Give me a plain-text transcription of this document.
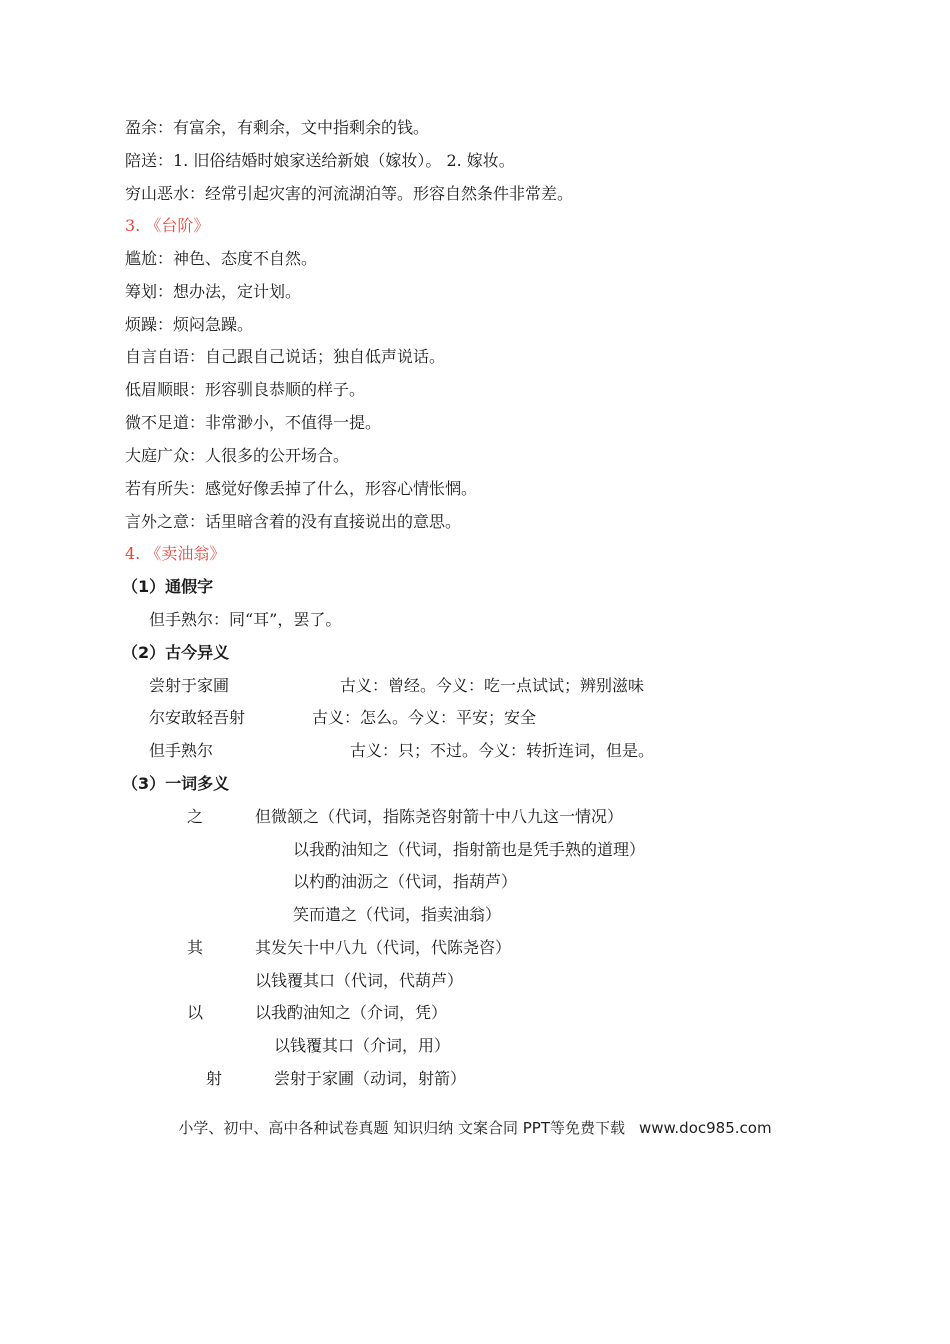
盈余：有富余，有剩余，文中指剩余的钱。
陪送：1. 旧俗结婚时娘家送给新娘（嫁妆）。 2. 嫁妆。
穷山恶水：经常引起灾害的河流湖泊等。形容自然条件非常差。
3. 《台阶》
尴尬：神色、态度不自然。
筹划：想办法，定计划。
烦躁：烦闷急躁。
自言自语：自己跟自己说话；独自低声说话。
低眉顺眼：形容驯良恭顺的样子。
微不足道：非常渺小，不值得一提。
大庭广众：人很多的公开场合。
若有所失：感觉好像丢掉了什么，形容心情怅惘。
言外之意：话里暗含着的没有直接说出的意思。
4. 《卖油翁》
（1）通假字
但手熟尔：同“耳”，罢了。
（2）古今异义
尝射于家圃	古义：曾经。今义：吃一点试试；辨别滋味
尔安敢轻吾射	古义：怎么。今义：平安；安全
但手熟尔	古义：只；不过。今义：转折连词，但是。
（3）一词多义
之	但微颔之（代词，指陈尧咨射箭十中八九这一情况）
以我酌油知之（代词，指射箭也是凭手熟的道理）
以杓酌油沥之（代词，指葫芦）
笑而遣之（代词，指卖油翁）
其	其发矢十中八九（代词，代陈尧咨）
以钱覆其口（代词，代葫芦）
以	以我酌油知之（介词，凭）
以钱覆其口（介词，用）
射	尝射于家圃（动词，射箭）
小学、初中、高中各种试卷真题 知识归纳 文案合同 PPT等免费下载 www.doc985.com
